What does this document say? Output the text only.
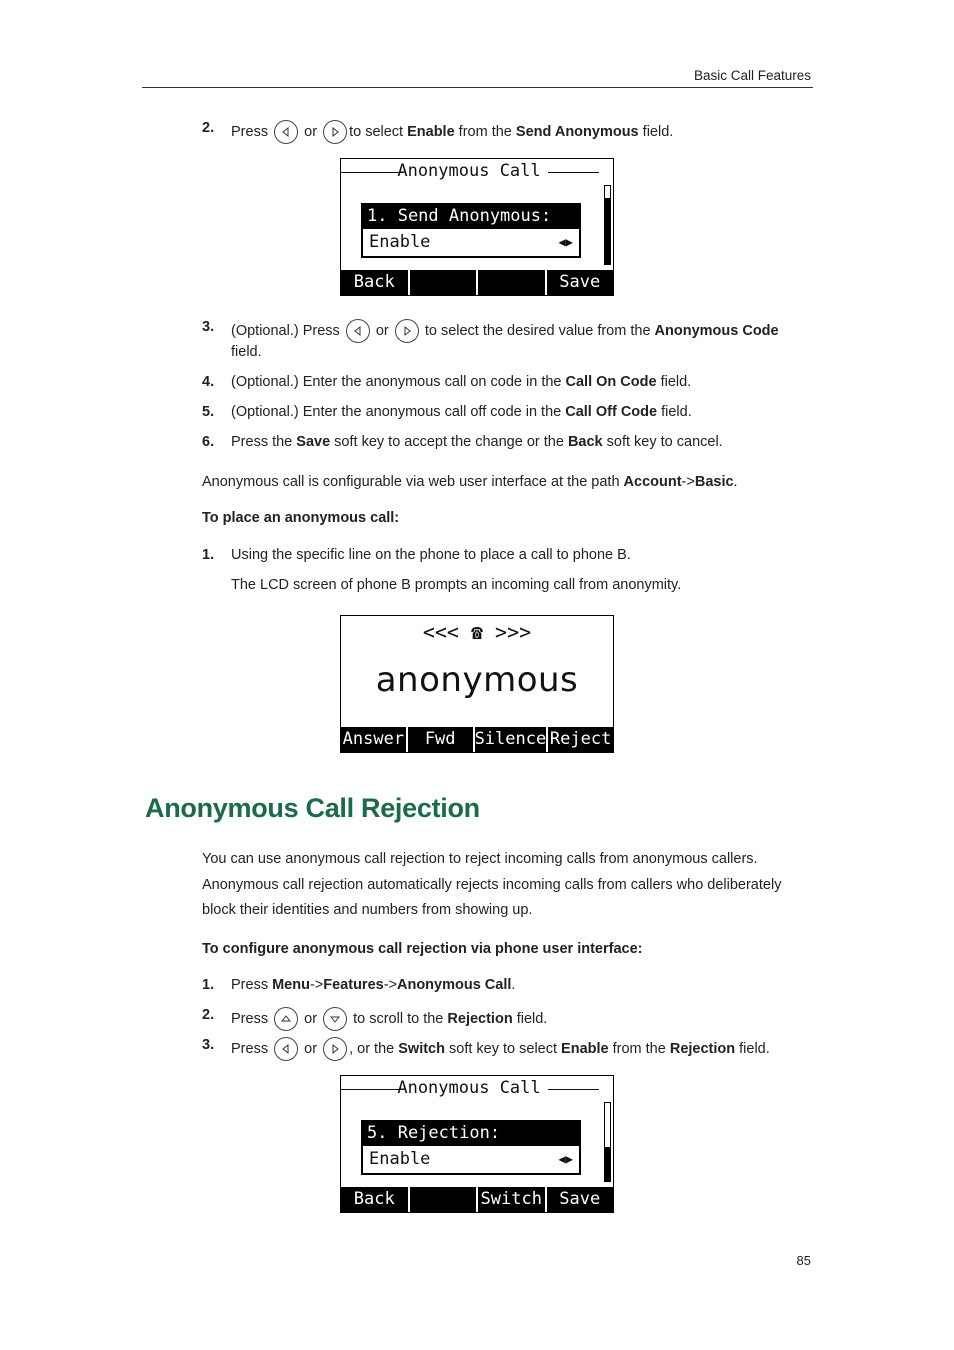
Basic Call Features
2. Press or to select Enable from the Send Anonymous field.
Anonymous Call
1. Send Anonymous:
Enable	◀▶
Back	Save
3. (Optional.) Press or
to select the desired value from the Anonymous Code
field.
4. (Optional.) Enter the anonymous call on code in the Call On Code field.
5. (Optional.) Enter the anonymous call off code in the Call Off Code field.
6. Press the Save soft key to accept the change or the Back soft key to cancel.
Anonymous call is configurable via web user interface at the path Account->Basic.
To place an anonymous call:
1. Using the specific line on the phone to place a call to phone B.
The LCD screen of phone B prompts an incoming call from anonymity.
<<< ☎ >>>
anonymous
Answer	Fwd	Silence Reject
Anonymous Call Rejection
You can use anonymous call rejection to reject incoming calls from anonymous callers. Anonymous call rejection automatically rejects incoming calls from callers who deliberately block their identities and numbers from showing up.
To configure anonymous call rejection via phone user interface:
1. Press Menu->Features->Anonymous Call.
2. Press or to scroll to the Rejection field.
3. Press or , or the Switch soft key to select Enable from the Rejection field.
Anonymous Call
5. Rejection:
Enable	◀▶
Back	Switch	Save
85
